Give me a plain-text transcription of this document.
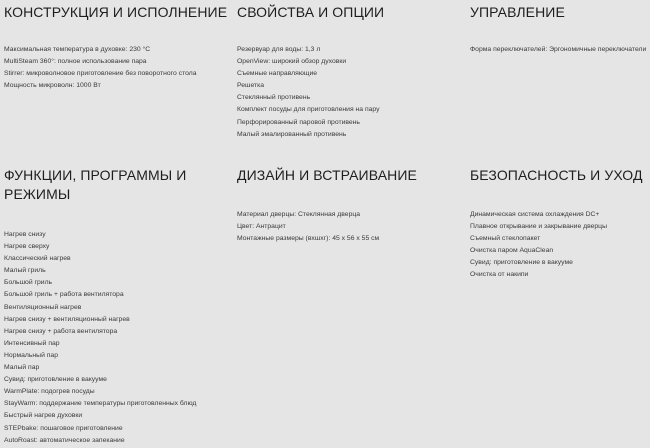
КОНСТРУКЦИЯ И ИСПОЛНЕНИЕ
Максимальная температура в духовке: 230 °C
MultiSteam 360°: полное использование пара
Stirrer: микроволновое приготовление без поворотного стола
Мощность микроволн: 1000 Вт
СВОЙСТВА И ОПЦИИ
Резервуар для воды: 1,3 л
OpenView: широкий обзор духовки
Съемные направляющие
Решетка
Стеклянный противень
Комплект посуды для приготовления на пару
Перфорированный паровой противень
Малый эмалированный противень
УПРАВЛЕНИЕ
Форма переключателей: Эргономичные переключатели
ФУНКЦИИ, ПРОГРАММЫ И РЕЖИМЫ
Нагрев снизу
Нагрев сверху
Классический нагрев
Малый гриль
Большой гриль
Большой гриль + работа вентилятора
Вентиляционный нагрев
Нагрев снизу + вентиляционный нагрев
Нагрев снизу + работа вентилятора
Интенсивный пар
Нормальный пар
Малый пар
Сувид: приготовление в вакууме
WarmPlate: подогрев посуды
StayWarm: поддержание температуры приготовленных блюд
Быстрый нагрев духовки
STEPbake: пошаговое приготовление
AutoRoast: автоматическое запекание
ДИЗАЙН И ВСТРАИВАНИЕ
Материал дверцы: Стеклянная дверца
Цвет: Антрацит
Монтажные размеры (вхшхг): 45 x 56 x 55 см
БЕЗОПАСНОСТЬ И УХОД
Динамическая система охлаждения DC+
Плавное открывание и закрывание дверцы
Съемный стеклопакет
Очистка паром AquaClean
Сувид: приготовление в вакууме
Очистка от накипи
